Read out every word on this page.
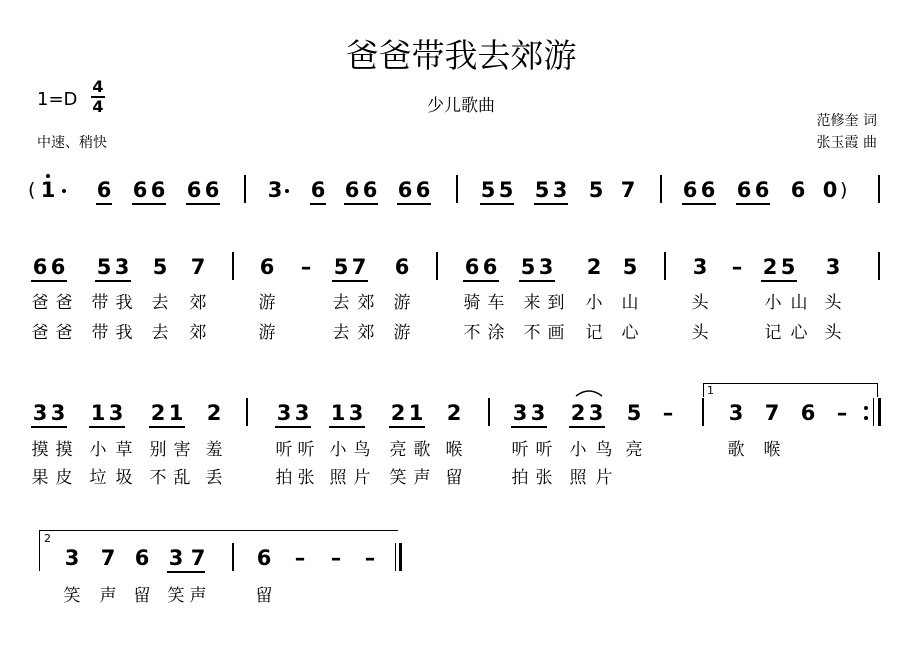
爸爸带我去郊游
少儿歌曲
1=D
4
4
中速、稍快
范修奎 词
张玉霞 曲
(	)
1 6 6 6 6 6 3 6 6 6 6 6 5 5 5 3 5 7 6 6 6 6 6 0
6 6 5 3 5 7	6 – 5 7 6	6 6 5 3 2 5	3 – 2 5 3
爸 爸 带 我 去 郊	游	去 郊 游	骑 车 来 到 小 山	头	小 山 头
爸 爸 带 我 去 郊	游	去 郊 游	不 涂 不 画 记 心	头	记 心 头
3 3 1 3 2 1 2	3 3 1 3 2 1 2 3 3 2 3 5 –	3 7 6 –
1
摸 摸 小 草 别 害 羞	听 听 小 鸟 亮 歌 喉	听 听 小 鸟 亮	歌 喉
果 皮 垃 圾 不 乱 丢	拍 张 照 片 笑 声 留	拍 张 照 片
3 7 6 3 7 6 – – –
2
笑 声 留 笑 声	留
